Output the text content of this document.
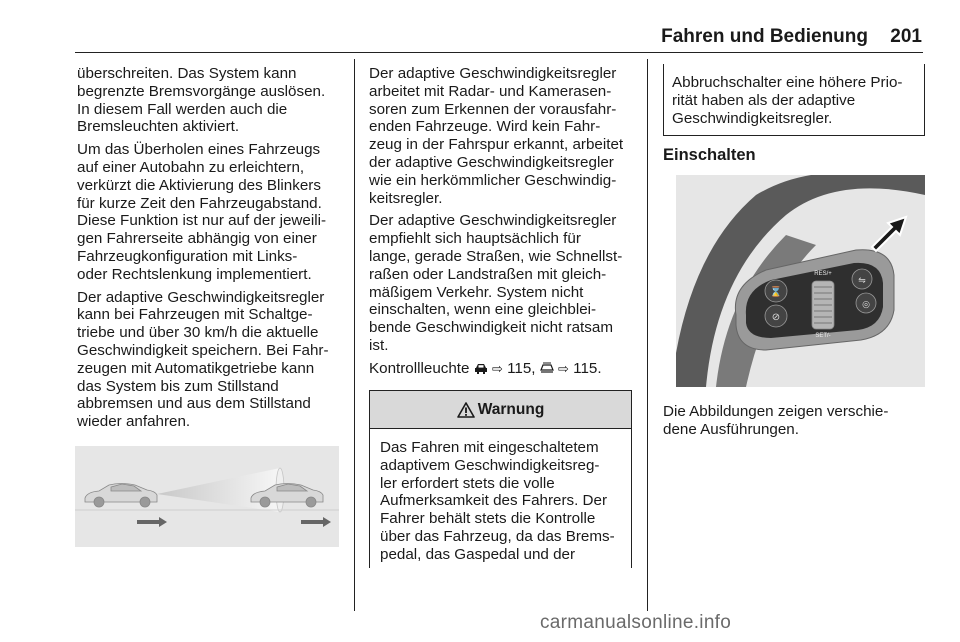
Fahren und Bedienung 201

überschreiten. Das System kann
begrenzte Bremsvorgänge auslösen.
In diesem Fall werden auch die
Bremsleuchten aktiviert.

Um das Überholen eines Fahrzeugs
auf einer Autobahn zu erleichtern,
verkürzt die Aktivierung des Blinkers
für kurze Zeit den Fahrzeugabstand.
Diese Funktion ist nur auf der jeweili-
gen Fahrerseite abhängig von einer
Fahrzeugkonfiguration mit Links-
oder Rechtslenkung implementiert.

Der adaptive Geschwindigkeitsregler
kann bei Fahrzeugen mit Schaltge-
triebe und über 30 km/h die aktuelle
Geschwindigkeit speichern. Bei Fahr-
zeugen mit Automatikgetriebe kann
das System bis zum Stillstand
abbremsen und aus dem Stillstand
wieder anfahren.

Der adaptive Geschwindigkeitsregler
arbeitet mit Radar- und Kamerasen-
soren zum Erkennen der vorausfahr-
enden Fahrzeuge. Wird kein Fahr-
zeug in der Fahrspur erkannt, arbeitet
der adaptive Geschwindigkeitsregler
wie ein herkömmlicher Geschwindig-
keitsregler.

Der adaptive Geschwindigkeitsregler
empfiehlt sich hauptsächlich für
lange, gerade Straßen, wie Schnellst-
raßen oder Landstraßen mit gleich-
mäßigem Verkehr. System nicht
einschalten, wenn eine gleichblei-
bende Geschwindigkeit nicht ratsam
ist.

Kontrollleuchte ⇨ 115, ⇨ 115.

Warnung
Das Fahren mit eingeschaltetem
adaptivem Geschwindigkeitsreg-
ler erfordert stets die volle
Aufmerksamkeit des Fahrers. Der
Fahrer behält stets die Kontrolle
über das Fahrzeug, da das Brems-
pedal, das Gaspedal und der
Abbruchschalter eine höhere Prio-
rität haben als der adaptive
Geschwindigkeitsregler.
Einschalten
⌛
⊘
RES/+
SET/-
⇋
◎
Die Abbildungen zeigen verschie-
dene Ausführungen.
carmanualsonline.info
